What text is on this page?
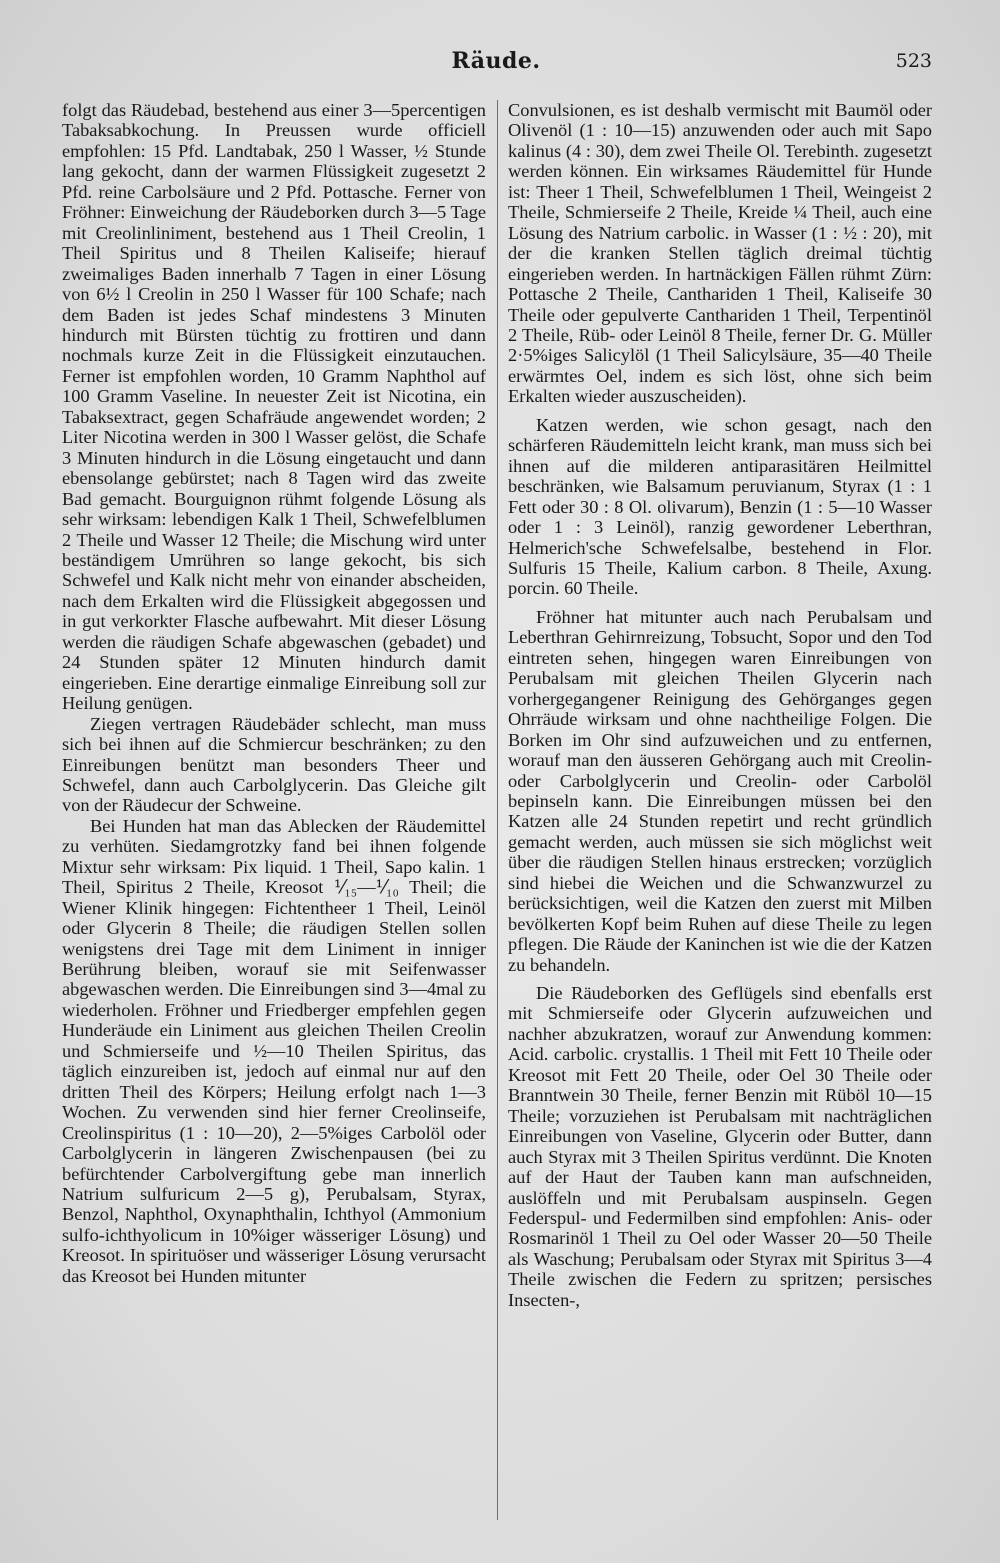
Räude.	523

folgt das Räudebad, bestehend aus einer 3—5percentigen Tabaksabkochung. In Preussen wurde officiell empfohlen: 15 Pfd. Landtabak, 250 l Wasser, ½ Stunde lang gekocht, dann der warmen Flüssigkeit zugesetzt 2 Pfd. reine Carbolsäure und 2 Pfd. Pottasche. Ferner von Fröhner: Einweichung der Räudeborken durch 3—5 Tage mit Creolinliniment, bestehend aus 1 Theil Creolin, 1 Theil Spiritus und 8 Theilen Kaliseife; hierauf zweimaliges Baden innerhalb 7 Tagen in einer Lösung von 6½ l Creolin in 250 l Wasser für 100 Schafe; nach dem Baden ist jedes Schaf mindestens 3 Minuten hindurch mit Bürsten tüchtig zu frottiren und dann nochmals kurze Zeit in die Flüssigkeit einzutauchen. Ferner ist empfohlen worden, 10 Gramm Naphthol auf 100 Gramm Vaseline. In neuester Zeit ist Nicotina, ein Tabaksextract, gegen Schafräude angewendet worden; 2 Liter Nicotina werden in 300 l Wasser gelöst, die Schafe 3 Minuten hindurch in die Lösung eingetaucht und dann ebensolange gebürstet; nach 8 Tagen wird das zweite Bad gemacht. Bourguignon rühmt folgende Lösung als sehr wirksam: lebendigen Kalk 1 Theil, Schwefelblumen 2 Theile und Wasser 12 Theile; die Mischung wird unter beständigem Umrühren so lange gekocht, bis sich Schwefel und Kalk nicht mehr von einander abscheiden, nach dem Erkalten wird die Flüssigkeit abgegossen und in gut verkorkter Flasche aufbewahrt. Mit dieser Lösung werden die räudigen Schafe abgewaschen (gebadet) und 24 Stunden später 12 Minuten hindurch damit eingerieben. Eine derartige einmalige Einreibung soll zur Heilung genügen.

Ziegen vertragen Räudebäder schlecht, man muss sich bei ihnen auf die Schmiercur beschränken; zu den Einreibungen benützt man besonders Theer und Schwefel, dann auch Carbolglycerin. Das Gleiche gilt von der Räudecur der Schweine.

Bei Hunden hat man das Ablecken der Räudemittel zu verhüten. Siedamgrotzky fand bei ihnen folgende Mixtur sehr wirksam: Pix liquid. 1 Theil, Sapo kalin. 1 Theil, Spiritus 2 Theile, Kreosot ⅟₁₅—⅟₁₀ Theil; die Wiener Klinik hingegen: Fichtentheer 1 Theil, Leinöl oder Glycerin 8 Theile; die räudigen Stellen sollen wenigstens drei Tage mit dem Liniment in inniger Berührung bleiben, worauf sie mit Seifenwasser abgewaschen werden. Die Einreibungen sind 3—4mal zu wiederholen. Fröhner und Friedberger empfehlen gegen Hunderäude ein Liniment aus gleichen Theilen Creolin und Schmierseife und ½—10 Theilen Spiritus, das täglich einzureiben ist, jedoch auf einmal nur auf den dritten Theil des Körpers; Heilung erfolgt nach 1—3 Wochen. Zu verwenden sind hier ferner Creolinseife, Creolinspiritus (1 : 10—20), 2—5%iges Carbolöl oder Carbolglycerin in längeren Zwischenpausen (bei zu befürchtender Carbolvergiftung gebe man innerlich Natrium sulfuricum 2—5 g), Perubalsam, Styrax, Benzol, Naphthol, Oxynaphthalin, Ichthyol (Ammonium sulfo-ichthyolicum in 10%iger wässeriger Lösung) und Kreosot. In spirituöser und wässeriger Lösung verursacht das Kreosot bei Hunden mitunter

Convulsionen, es ist deshalb vermischt mit Baumöl oder Olivenöl (1 : 10—15) anzuwenden oder auch mit Sapo kalinus (4 : 30), dem zwei Theile Ol. Terebinth. zugesetzt werden können. Ein wirksames Räudemittel für Hunde ist: Theer 1 Theil, Schwefelblumen 1 Theil, Weingeist 2 Theile, Schmierseife 2 Theile, Kreide ¼ Theil, auch eine Lösung des Natrium carbolic. in Wasser (1 : ½ : 20), mit der die kranken Stellen täglich dreimal tüchtig eingerieben werden. In hartnäckigen Fällen rühmt Zürn: Pottasche 2 Theile, Canthariden 1 Theil, Kaliseife 30 Theile oder gepulverte Canthariden 1 Theil, Terpentinöl 2 Theile, Rüb- oder Leinöl 8 Theile, ferner Dr. G. Müller 2·5%iges Salicylöl (1 Theil Salicylsäure, 35—40 Theile erwärmtes Oel, indem es sich löst, ohne sich beim Erkalten wieder auszuscheiden).

Katzen werden, wie schon gesagt, nach den schärferen Räudemitteln leicht krank, man muss sich bei ihnen auf die milderen antiparasitären Heilmittel beschränken, wie Balsamum peruvianum, Styrax (1 : 1 Fett oder 30 : 8 Ol. olivarum), Benzin (1 : 5—10 Wasser oder 1 : 3 Leinöl), ranzig gewordener Leberthran, Helmerich'sche Schwefelsalbe, bestehend in Flor. Sulfuris 15 Theile, Kalium carbon. 8 Theile, Axung. porcin. 60 Theile.

Fröhner hat mitunter auch nach Perubalsam und Leberthran Gehirnreizung, Tobsucht, Sopor und den Tod eintreten sehen, hingegen waren Einreibungen von Perubalsam mit gleichen Theilen Glycerin nach vorhergegangener Reinigung des Gehörganges gegen Ohrräude wirksam und ohne nachtheilige Folgen. Die Borken im Ohr sind aufzuweichen und zu entfernen, worauf man den äusseren Gehörgang auch mit Creolin- oder Carbolglycerin und Creolin- oder Carbolöl bepinseln kann. Die Einreibungen müssen bei den Katzen alle 24 Stunden repetirt und recht gründlich gemacht werden, auch müssen sie sich möglichst weit über die räudigen Stellen hinaus erstrecken; vorzüglich sind hiebei die Weichen und die Schwanzwurzel zu berücksichtigen, weil die Katzen den zuerst mit Milben bevölkerten Kopf beim Ruhen auf diese Theile zu legen pflegen. Die Räude der Kaninchen ist wie die der Katzen zu behandeln.

Die Räudeborken des Geflügels sind ebenfalls erst mit Schmierseife oder Glycerin aufzuweichen und nachher abzukratzen, worauf zur Anwendung kommen: Acid. carbolic. crystallis. 1 Theil mit Fett 10 Theile oder Kreosot mit Fett 20 Theile, oder Oel 30 Theile oder Branntwein 30 Theile, ferner Benzin mit Rüböl 10—15 Theile; vorzuziehen ist Perubalsam mit nachträglichen Einreibungen von Vaseline, Glycerin oder Butter, dann auch Styrax mit 3 Theilen Spiritus verdünnt. Die Knoten auf der Haut der Tauben kann man aufschneiden, auslöffeln und mit Perubalsam auspinseln. Gegen Federspul- und Federmilben sind empfohlen: Anis- oder Rosmarinöl 1 Theil zu Oel oder Wasser 20—50 Theile als Waschung; Perubalsam oder Styrax mit Spiritus 3—4 Theile zwischen die Federn zu spritzen; persisches Insecten-,
